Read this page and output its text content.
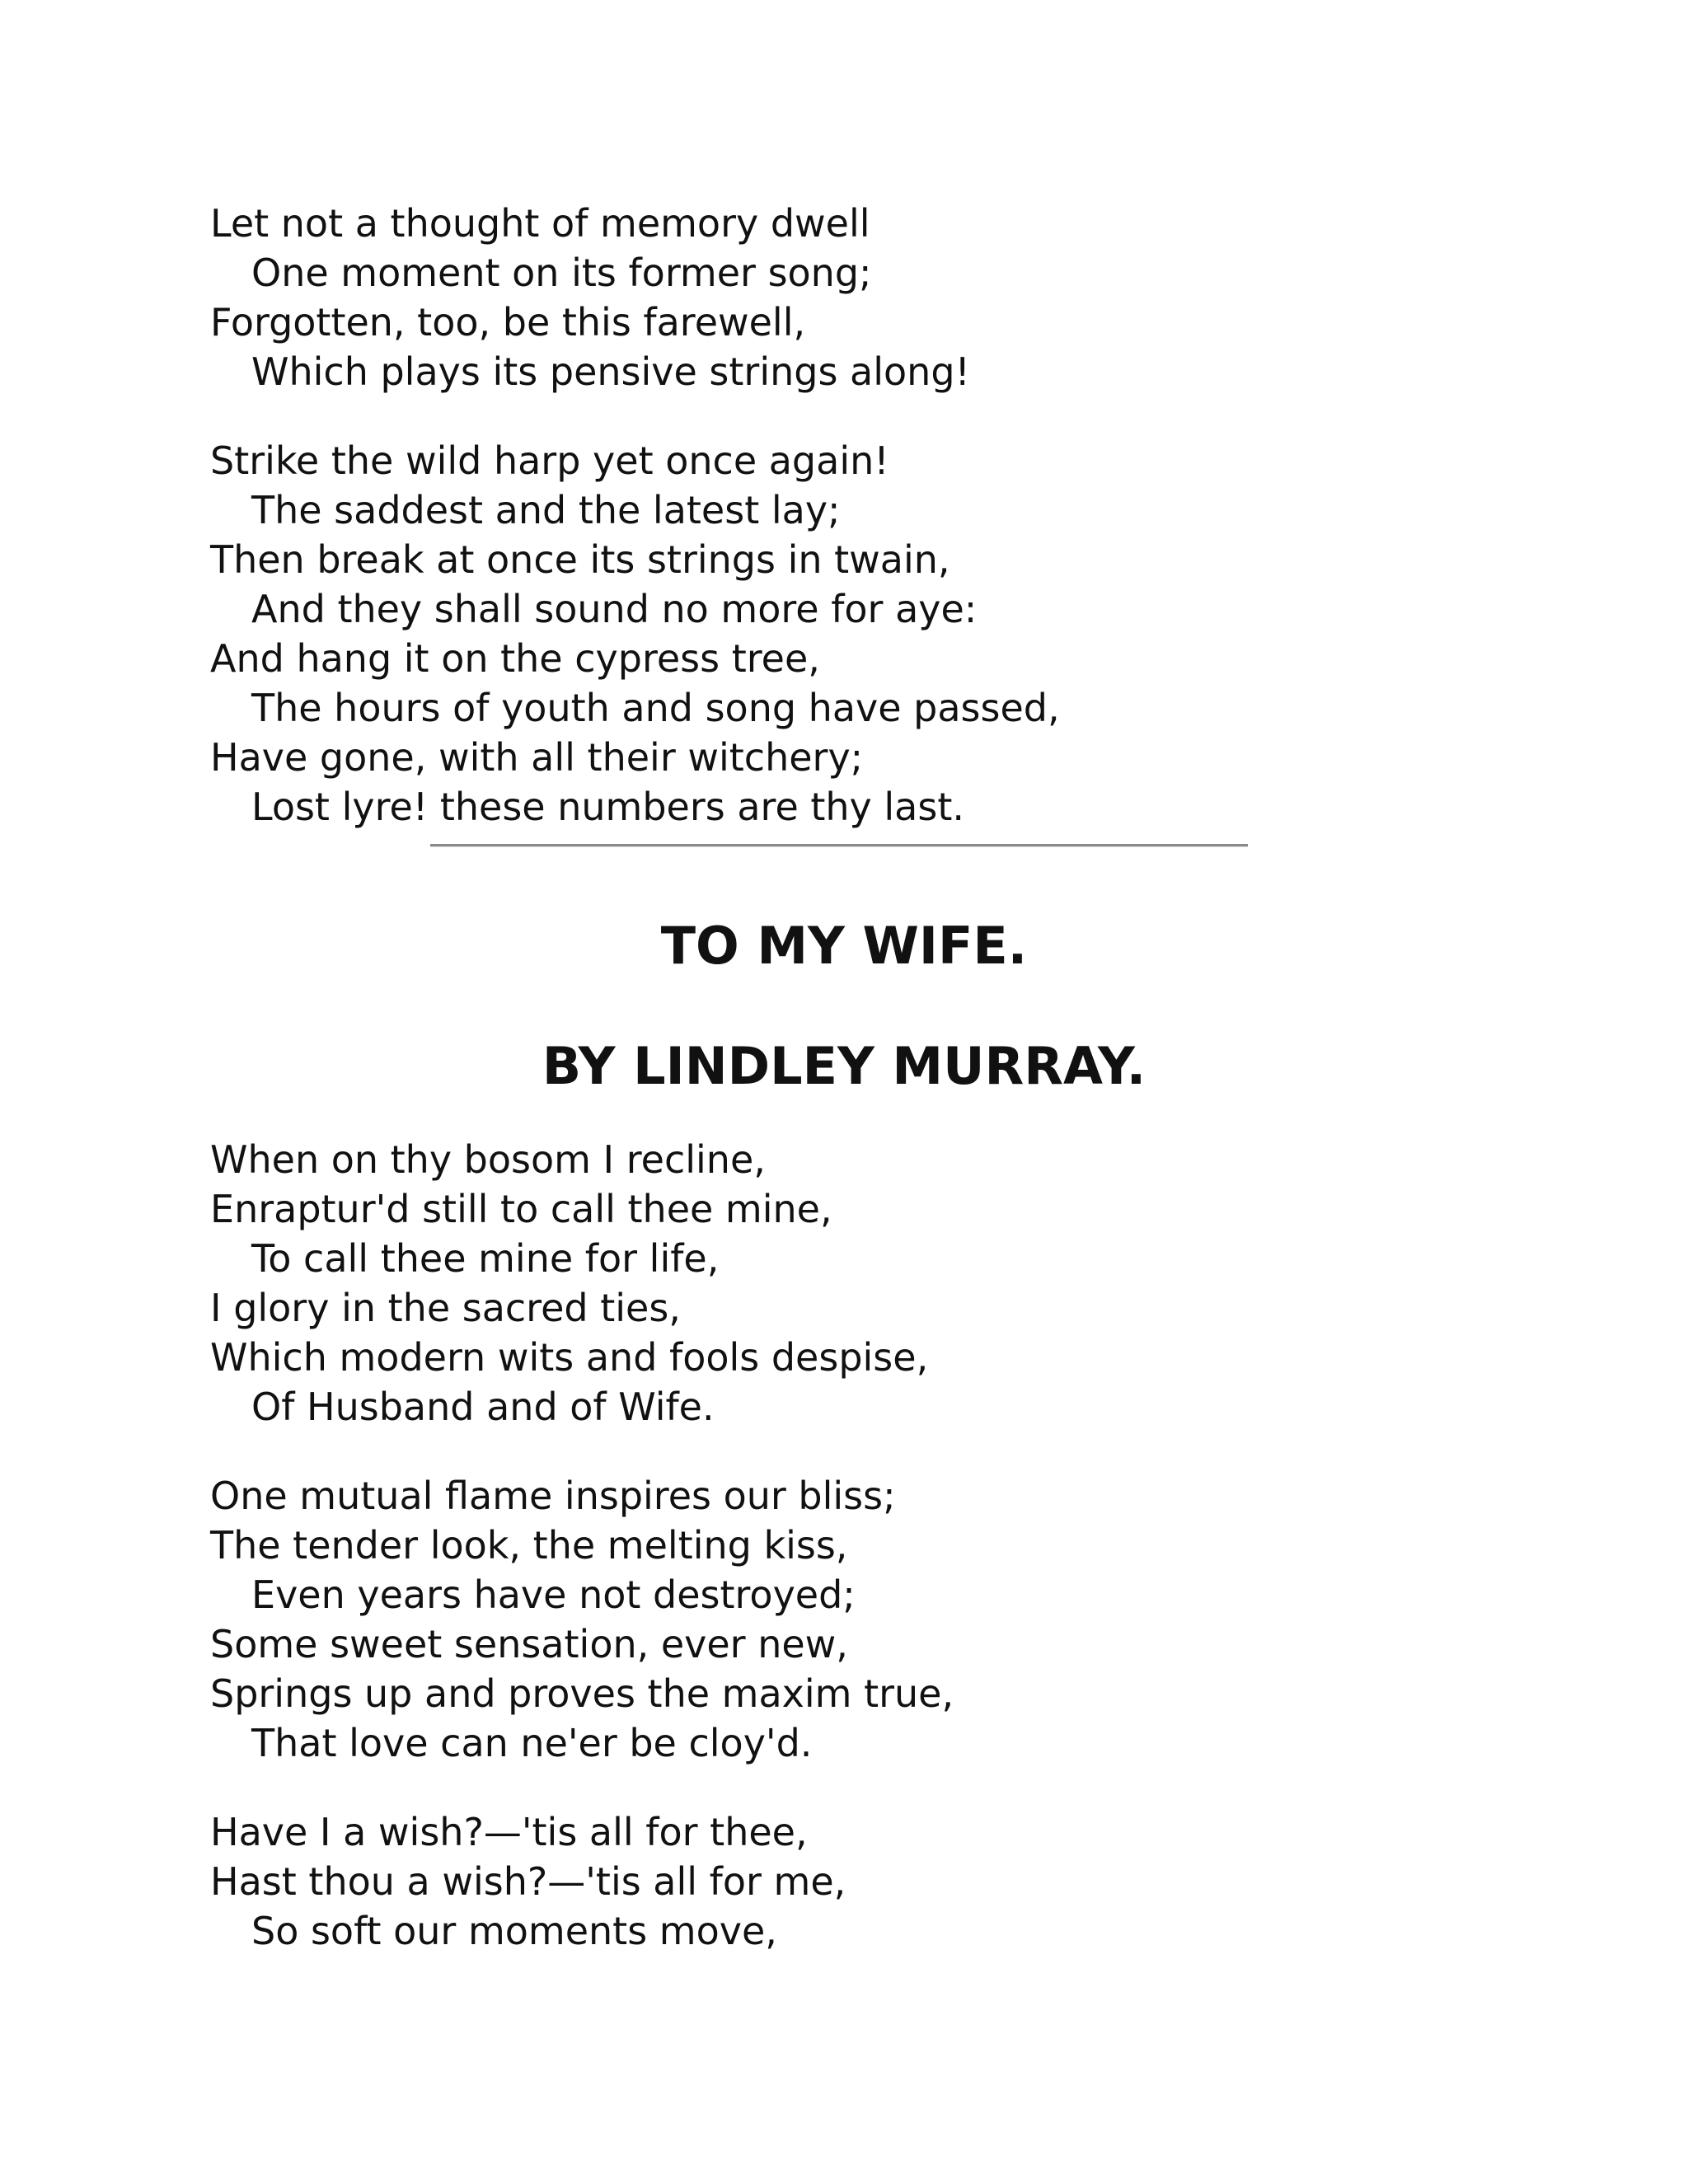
Let not a thought of memory dwell
One moment on its former song;
Forgotten, too, be this farewell,
Which plays its pensive strings along!
Strike the wild harp yet once again!
The saddest and the latest lay;
Then break at once its strings in twain,
And they shall sound no more for aye:
And hang it on the cypress tree,
The hours of youth and song have passed,
Have gone, with all their witchery;
Lost lyre! these numbers are thy last.
TO MY WIFE.
BY LINDLEY MURRAY.
When on thy bosom I recline,
Enraptur'd still to call thee mine,
To call thee mine for life,
I glory in the sacred ties,
Which modern wits and fools despise,
Of Husband and of Wife.
One mutual flame inspires our bliss;
The tender look, the melting kiss,
Even years have not destroyed;
Some sweet sensation, ever new,
Springs up and proves the maxim true,
That love can ne'er be cloy'd.
Have I a wish?—'tis all for thee,
Hast thou a wish?—'tis all for me,
So soft our moments move,
